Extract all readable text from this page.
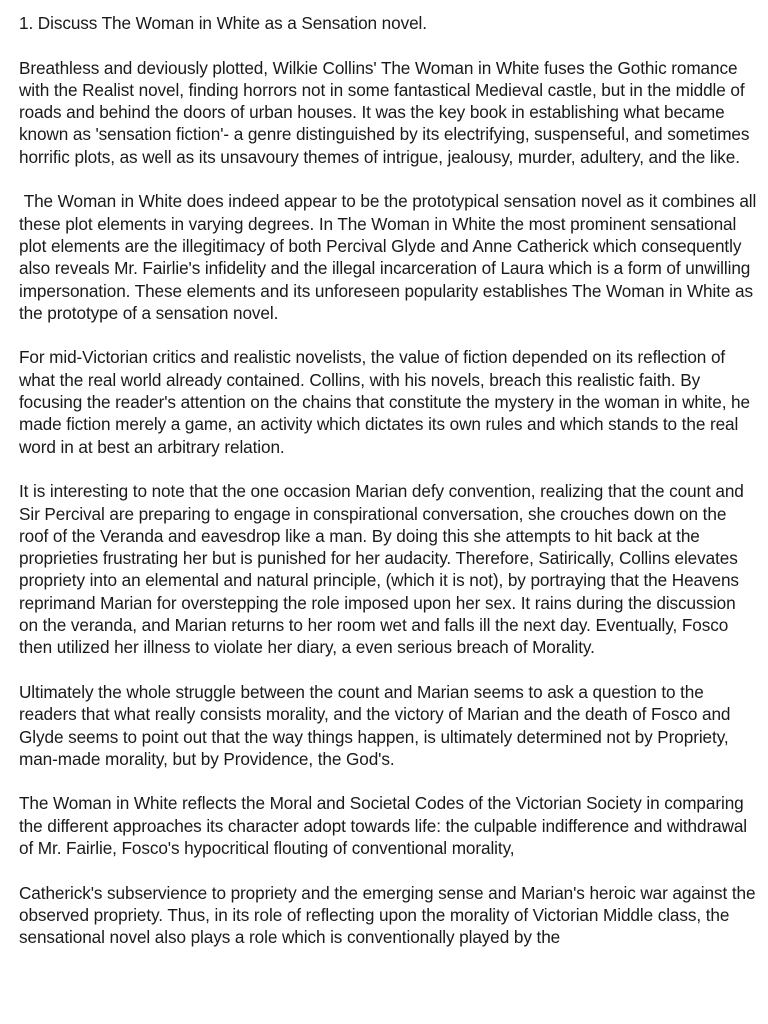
1. Discuss The Woman in White as a Sensation novel.

Breathless and deviously plotted, Wilkie Collins' The Woman in White fuses the Gothic romance with the Realist novel, finding horrors not in some fantastical Medieval castle, but in the middle of roads and behind the doors of urban houses. It was the key book in establishing what became known as 'sensation fiction'- a genre distinguished by its electrifying, suspenseful, and sometimes horrific plots, as well as its unsavoury themes of intrigue, jealousy, murder, adultery, and the like.

The Woman in White does indeed appear to be the prototypical sensation novel as it combines all these plot elements in varying degrees. In The Woman in White the most prominent sensational plot elements are the illegitimacy of both Percival Glyde and Anne Catherick which consequently also reveals Mr. Fairlie's infidelity and the illegal incarceration of Laura which is a form of unwilling impersonation. These elements and its unforeseen popularity establishes The Woman in White as the prototype of a sensation novel.

For mid-Victorian critics and realistic novelists, the value of fiction depended on its reflection of what the real world already contained. Collins, with his novels, breach this realistic faith. By focusing the reader's attention on the chains that constitute the mystery in the woman in white, he made fiction merely a game, an activity which dictates its own rules and which stands to the real word in at best an arbitrary relation.

It is interesting to note that the one occasion Marian defy convention, realizing that the count and Sir Percival are preparing to engage in conspirational conversation, she crouches down on the roof of the Veranda and eavesdrop like a man. By doing this she attempts to hit back at the proprieties frustrating her but is punished for her audacity. Therefore, Satirically, Collins elevates propriety into an elemental and natural principle, (which it is not), by portraying that the Heavens reprimand Marian for overstepping the role imposed upon her sex. It rains during the discussion on the veranda, and Marian returns to her room wet and falls ill the next day. Eventually, Fosco then utilized her illness to violate her diary, a even serious breach of Morality.

Ultimately the whole struggle between the count and Marian seems to ask a question to the readers that what really consists morality, and the victory of Marian and the death of Fosco and Glyde seems to point out that the way things happen, is ultimately determined not by Propriety, man-made morality, but by Providence, the God's.

The Woman in White reflects the Moral and Societal Codes of the Victorian Society in comparing the different approaches its character adopt towards life: the culpable indifference and withdrawal of Mr. Fairlie, Fosco's hypocritical flouting of conventional morality,

Catherick's subservience to propriety and the emerging sense and Marian's heroic war against the observed propriety. Thus, in its role of reflecting upon the morality of Victorian Middle class, the sensational novel also plays a role which is conventionally played by the
